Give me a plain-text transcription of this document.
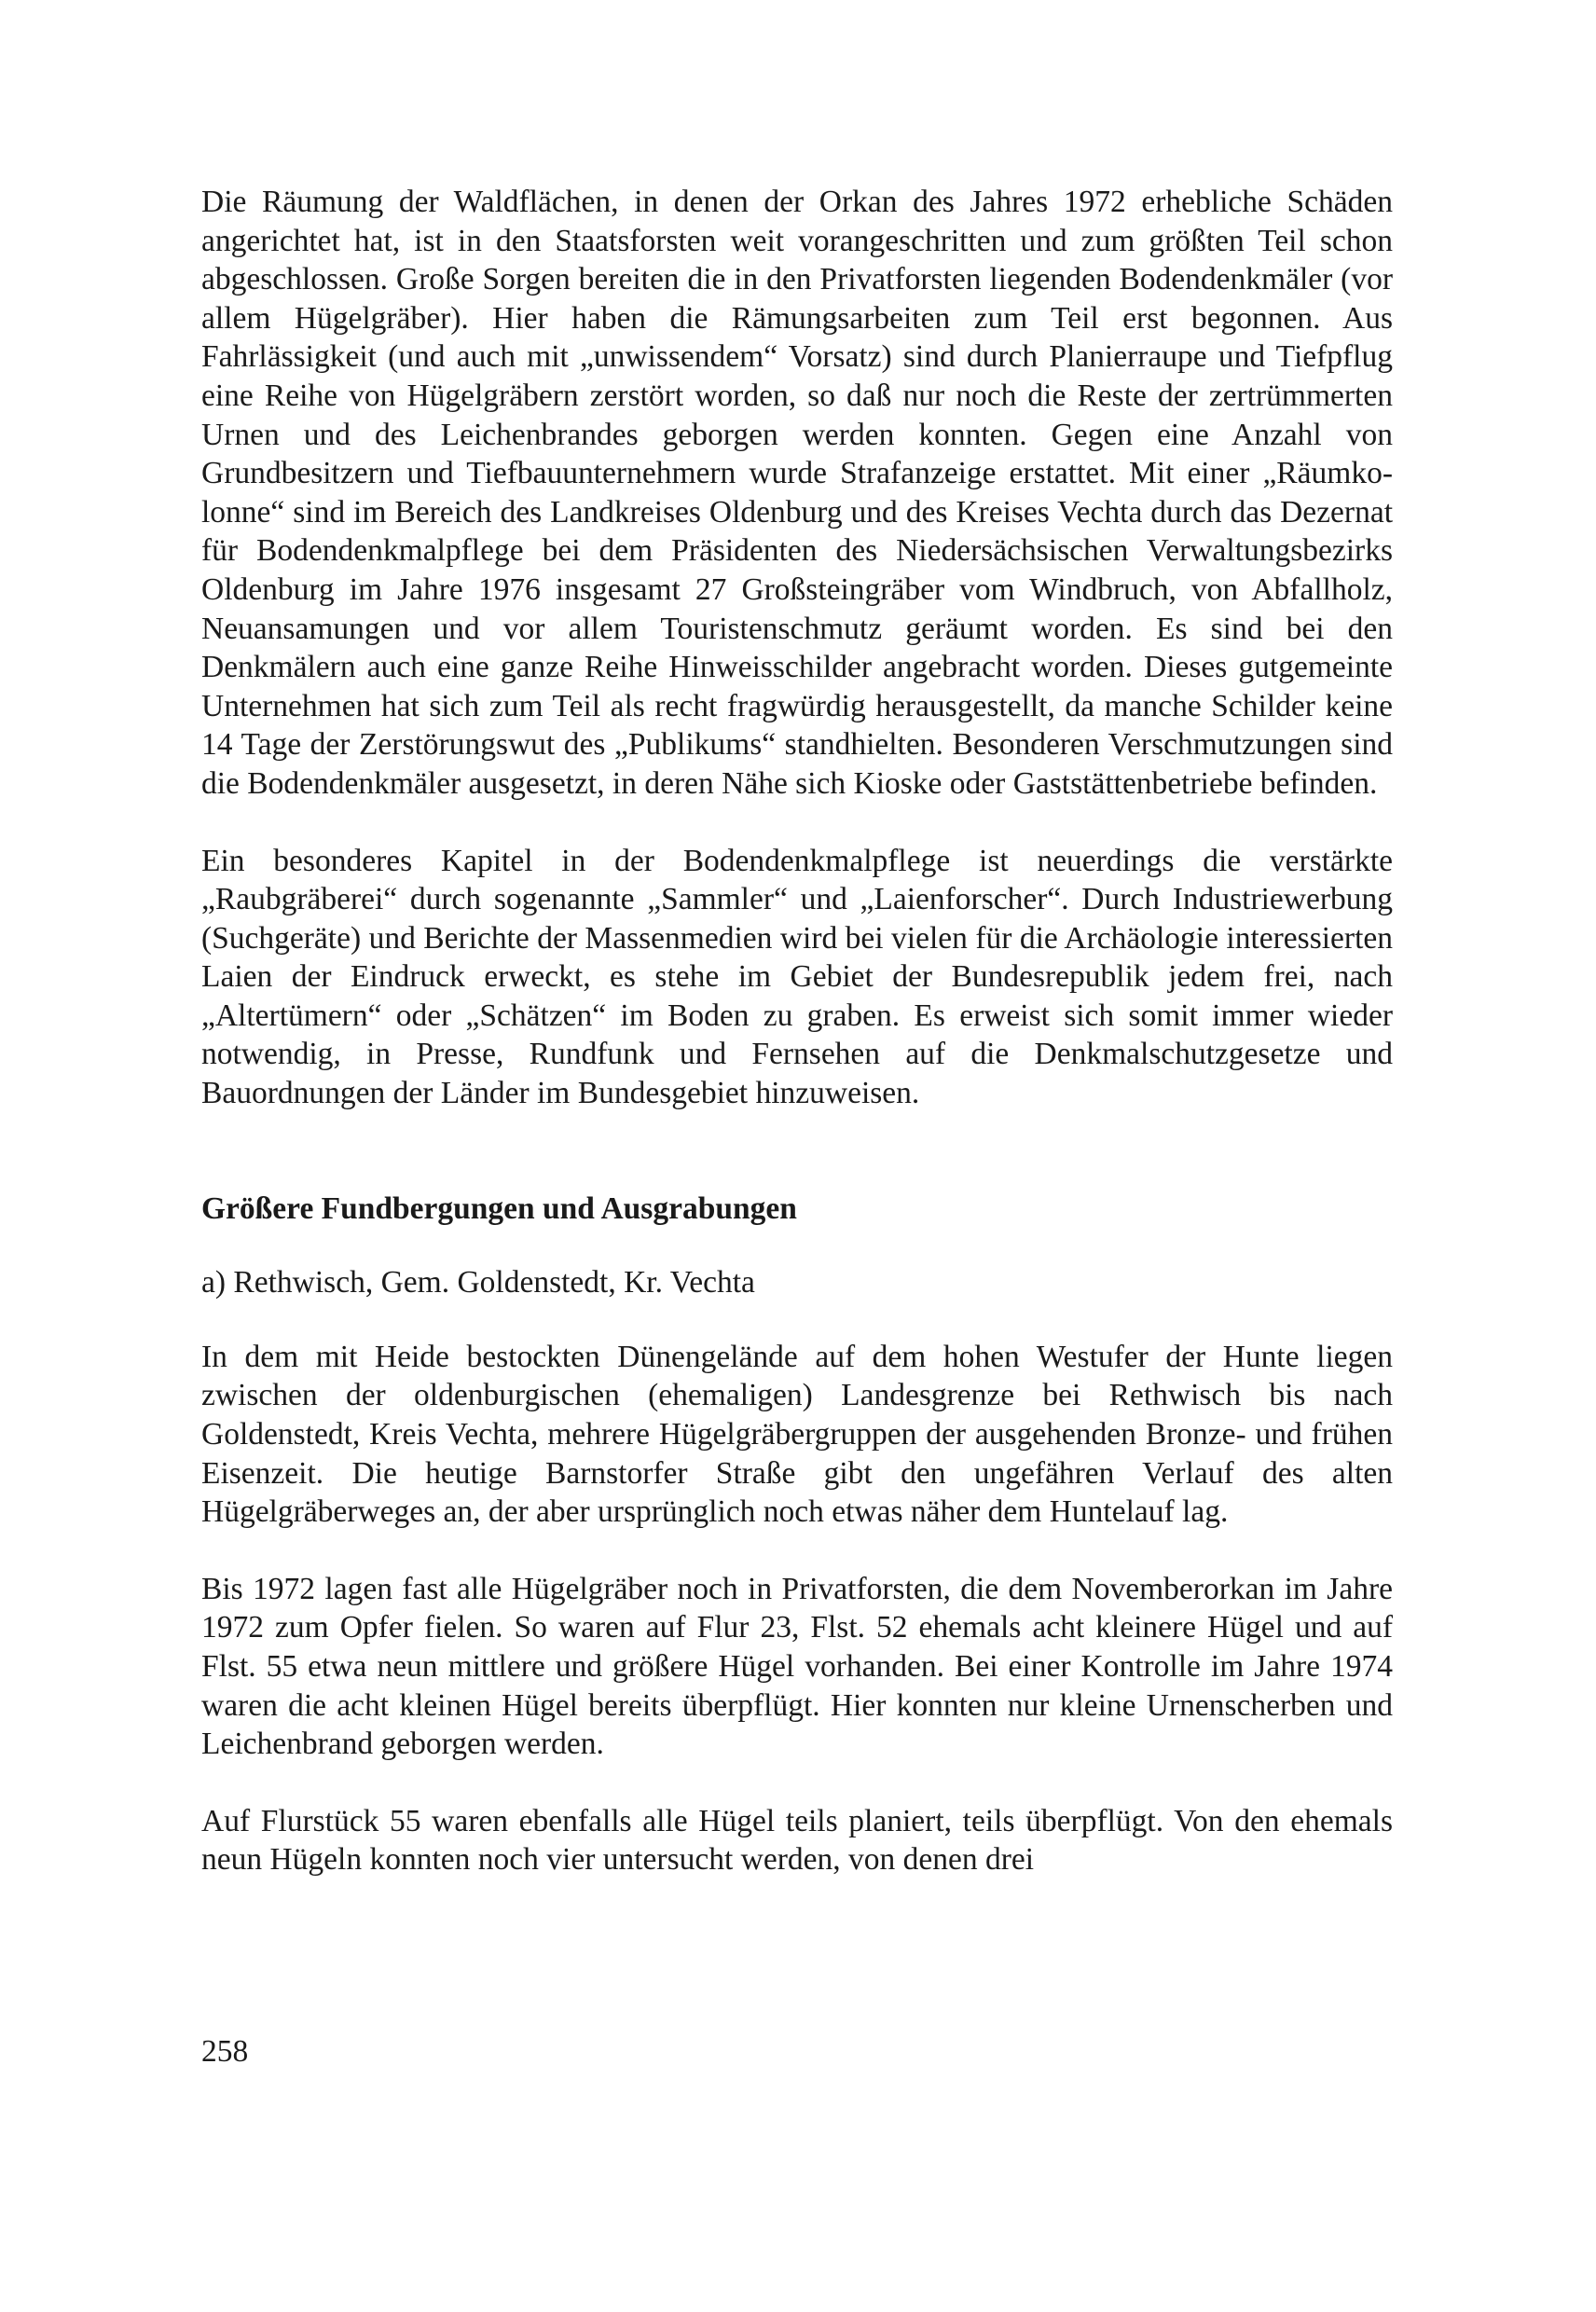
Die Räumung der Waldflächen, in denen der Orkan des Jahres 1972 erhebliche Schäden angerichtet hat, ist in den Staatsforsten weit vorangeschritten und zum größten Teil schon abgeschlossen. Große Sorgen bereiten die in den Privatforsten liegenden Bodendenkmäler (vor allem Hügelgräber). Hier haben die Rämungsarbeiten zum Teil erst begonnen. Aus Fahrlässigkeit (und auch mit „unwissendem“ Vorsatz) sind durch Planierraupe und Tiefpflug eine Reihe von Hügelgräbern zerstört worden, so daß nur noch die Reste der zertrümmerten Urnen und des Leichenbrandes geborgen werden konnten. Gegen eine Anzahl von Grundbesitzern und Tiefbauunternehmern wurde Strafanzeige erstattet. Mit einer „Räumkolonne“ sind im Bereich des Landkreises Oldenburg und des Kreises Vechta durch das Dezernat für Bodendenkmalpflege bei dem Präsidenten des Niedersächsischen Verwaltungsbezirks Oldenburg im Jahre 1976 insgesamt 27 Großsteingräber vom Windbruch, von Abfallholz, Neuansamungen und vor allem Touristenschmutz geräumt worden. Es sind bei den Denkmälern auch eine ganze Reihe Hinweisschilder angebracht worden. Dieses gutgemeinte Unternehmen hat sich zum Teil als recht fragwürdig herausgestellt, da manche Schilder keine 14 Tage der Zerstörungswut des „Publikums“ standhielten. Besonderen Verschmutzungen sind die Bodendenkmäler ausgesetzt, in deren Nähe sich Kioske oder Gaststättenbetriebe befinden.

Ein besonderes Kapitel in der Bodendenkmalpflege ist neuerdings die verstärkte „Raubgräberei“ durch sogenannte „Sammler“ und „Laienforscher“. Durch Industriewerbung (Suchgeräte) und Berichte der Massenmedien wird bei vielen für die Archäologie interessierten Laien der Eindruck erweckt, es stehe im Gebiet der Bundesrepublik jedem frei, nach „Altertümern“ oder „Schätzen“ im Boden zu graben. Es erweist sich somit immer wieder notwendig, in Presse, Rundfunk und Fernsehen auf die Denkmalschutzgesetze und Bauordnungen der Länder im Bundesgebiet hinzuweisen.

Größere Fundbergungen und Ausgrabungen

a) Rethwisch, Gem. Goldenstedt, Kr. Vechta

In dem mit Heide bestockten Dünengelände auf dem hohen Westufer der Hunte liegen zwischen der oldenburgischen (ehemaligen) Landesgrenze bei Rethwisch bis nach Goldenstedt, Kreis Vechta, mehrere Hügelgräbergruppen der ausgehenden Bronze- und frühen Eisenzeit. Die heutige Barnstorfer Straße gibt den ungefähren Verlauf des alten Hügelgräberweges an, der aber ursprünglich noch etwas näher dem Huntelauf lag.

Bis 1972 lagen fast alle Hügelgräber noch in Privatforsten, die dem Novemberorkan im Jahre 1972 zum Opfer fielen. So waren auf Flur 23, Flst. 52 ehemals acht kleinere Hügel und auf Flst. 55 etwa neun mittlere und größere Hügel vorhanden. Bei einer Kontrolle im Jahre 1974 waren die acht kleinen Hügel bereits überpflügt. Hier konnten nur kleine Urnenscherben und Leichenbrand geborgen werden.

Auf Flurstück 55 waren ebenfalls alle Hügel teils planiert, teils überpflügt. Von den ehemals neun Hügeln konnten noch vier untersucht werden, von denen drei

258
